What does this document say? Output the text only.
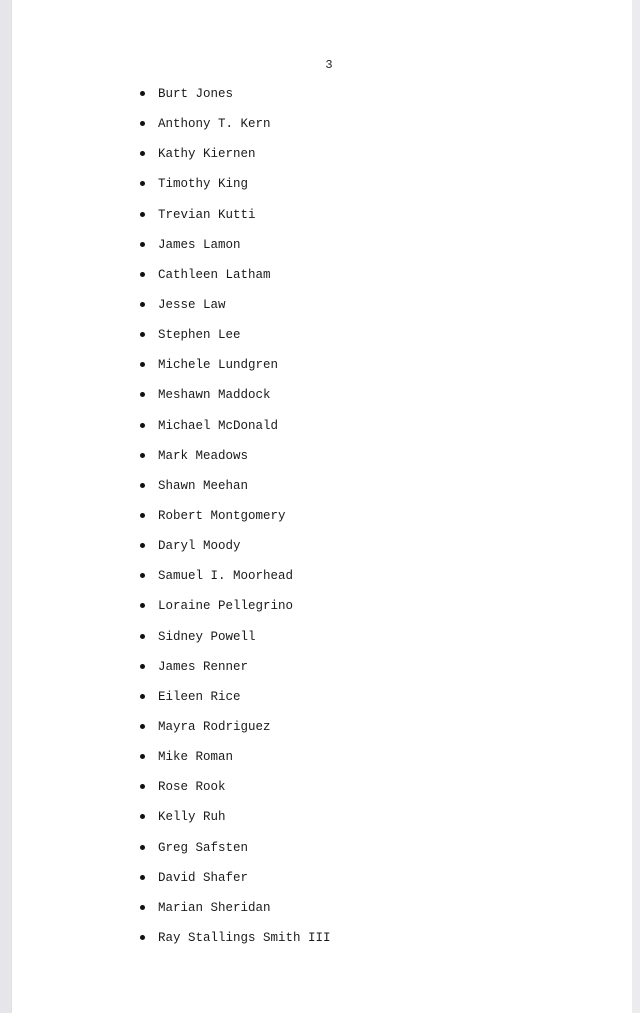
3
Burt Jones
Anthony T. Kern
Kathy Kiernen
Timothy King
Trevian Kutti
James Lamon
Cathleen Latham
Jesse Law
Stephen Lee
Michele Lundgren
Meshawn Maddock
Michael McDonald
Mark Meadows
Shawn Meehan
Robert Montgomery
Daryl Moody
Samuel I. Moorhead
Loraine Pellegrino
Sidney Powell
James Renner
Eileen Rice
Mayra Rodriguez
Mike Roman
Rose Rook
Kelly Ruh
Greg Safsten
David Shafer
Marian Sheridan
Ray Stallings Smith III
